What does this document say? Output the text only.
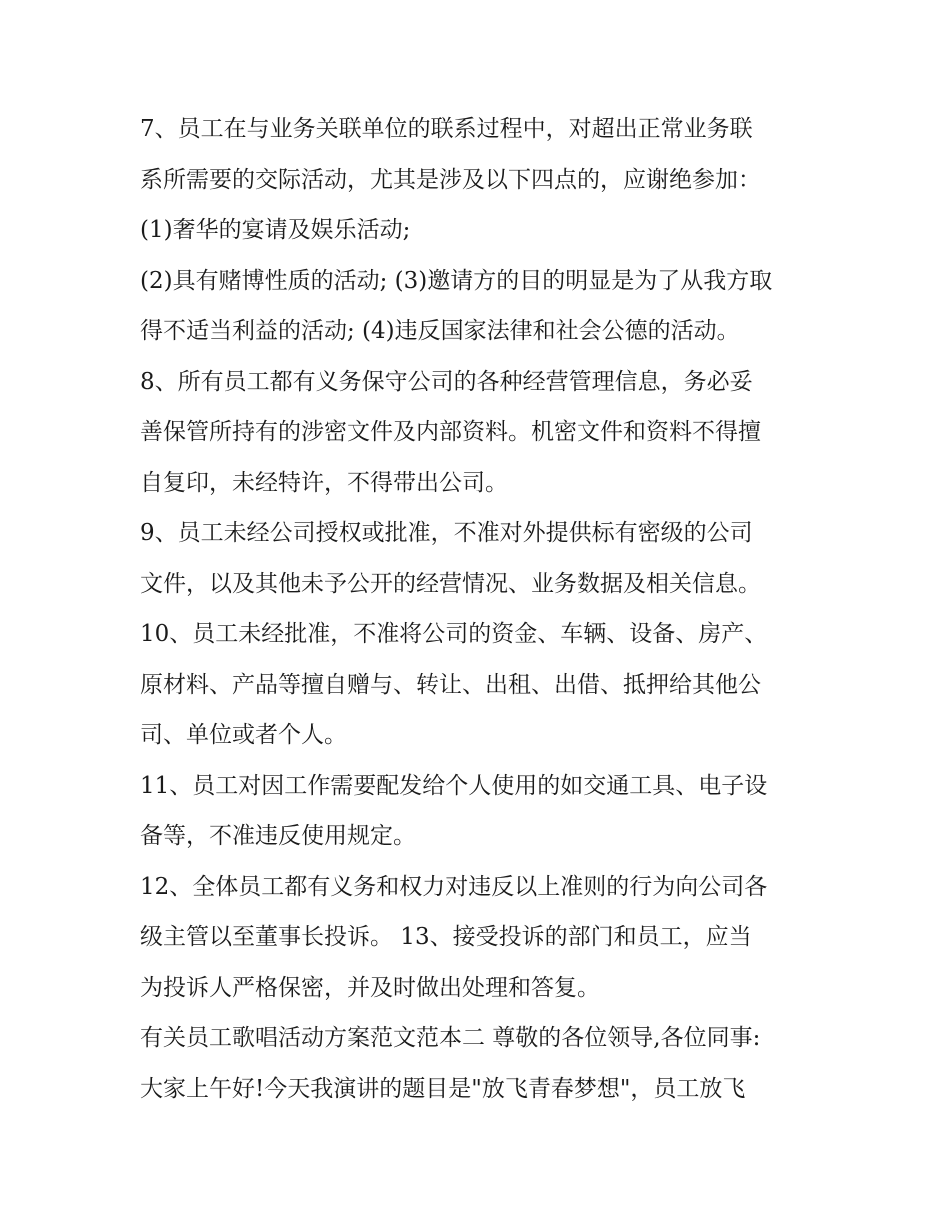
7、员工在与业务关联单位的联系过程中，对超出正常业务联
系所需要的交际活动，尤其是涉及以下四点的，应谢绝参加：
(1)奢华的宴请及娱乐活动;
(2)具有赌博性质的活动; (3)邀请方的目的明显是为了从我方取
得不适当利益的活动; (4)违反国家法律和社会公德的活动。
8、所有员工都有义务保守公司的各种经营管理信息，务必妥
善保管所持有的涉密文件及内部资料。机密文件和资料不得擅
自复印，未经特许，不得带出公司。
9、员工未经公司授权或批准，不准对外提供标有密级的公司
文件，以及其他未予公开的经营情况、业务数据及相关信息。
10、员工未经批准，不准将公司的资金、车辆、设备、房产、
原材料、产品等擅自赠与、转让、出租、出借、抵押给其他公
司、单位或者个人。
11、员工对因工作需要配发给个人使用的如交通工具、电子设
备等，不准违反使用规定。
12、全体员工都有义务和权力对违反以上准则的行为向公司各
级主管以至董事长投诉。 13、接受投诉的部门和员工，应当
为投诉人严格保密，并及时做出处理和答复。
有关员工歌唱活动方案范文范本二 尊敬的各位领导,各位同事:
大家上午好!今天我演讲的题目是"放飞青春梦想"，员工放飞
